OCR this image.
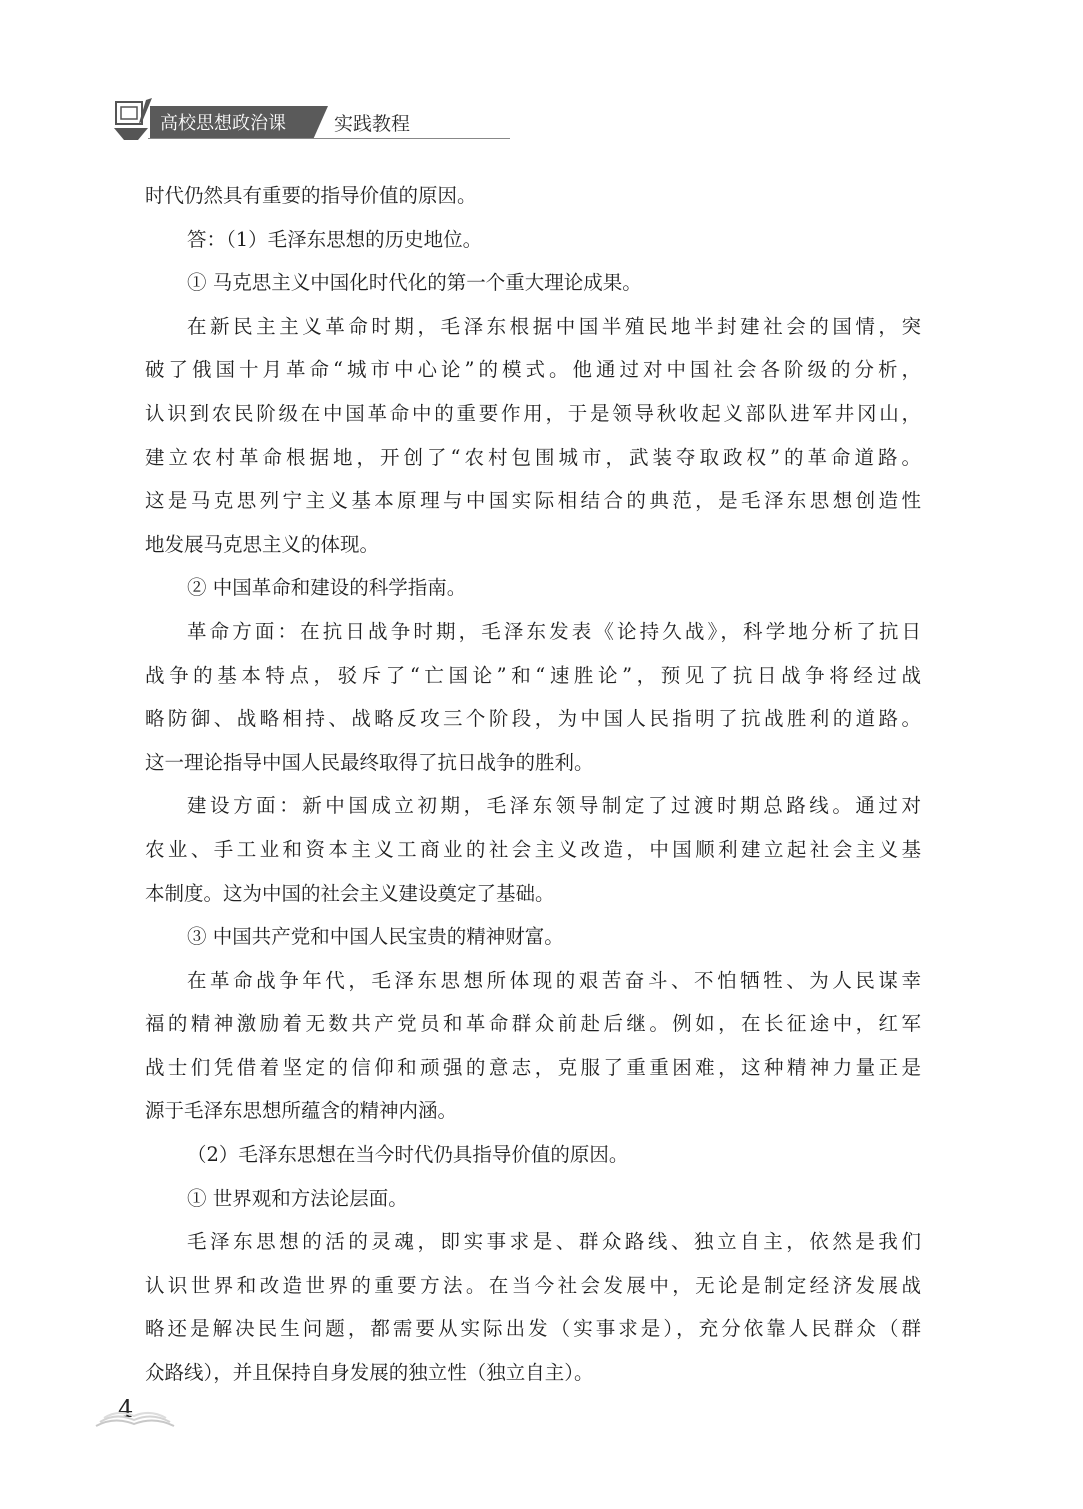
高校思想政治课	实践教程
时代仍然具有重要的指导价值的原因。
答：（1）毛泽东思想的历史地位。
① 马克思主义中国化时代化的第一个重大理论成果。
在新民主主义革命时期，毛泽东根据中国半殖民地半封建社会的国情，突
破了俄国十月革命“城市中心论”的模式。他通过对中国社会各阶级的分析，
认识到农民阶级在中国革命中的重要作用，于是领导秋收起义部队进军井冈山，
建立农村革命根据地，开创了“农村包围城市，武装夺取政权”的革命道路。
这是马克思列宁主义基本原理与中国实际相结合的典范，是毛泽东思想创造性
地发展马克思主义的体现。
② 中国革命和建设的科学指南。
革命方面：在抗日战争时期，毛泽东发表《论持久战》，科学地分析了抗日
战争的基本特点，驳斥了“亡国论”和“速胜论”，预见了抗日战争将经过战
略防御、战略相持、战略反攻三个阶段，为中国人民指明了抗战胜利的道路。
这一理论指导中国人民最终取得了抗日战争的胜利。
建设方面：新中国成立初期，毛泽东领导制定了过渡时期总路线。通过对
农业、手工业和资本主义工商业的社会主义改造，中国顺利建立起社会主义基
本制度。这为中国的社会主义建设奠定了基础。
③ 中国共产党和中国人民宝贵的精神财富。
在革命战争年代，毛泽东思想所体现的艰苦奋斗、不怕牺牲、为人民谋幸
福的精神激励着无数共产党员和革命群众前赴后继。例如，在长征途中，红军
战士们凭借着坚定的信仰和顽强的意志，克服了重重困难，这种精神力量正是
源于毛泽东思想所蕴含的精神内涵。
（2）毛泽东思想在当今时代仍具指导价值的原因。
① 世界观和方法论层面。
毛泽东思想的活的灵魂，即实事求是、群众路线、独立自主，依然是我们
认识世界和改造世界的重要方法。在当今社会发展中，无论是制定经济发展战
略还是解决民生问题，都需要从实际出发（实事求是），充分依靠人民群众（群
众路线），并且保持自身发展的独立性（独立自主）。
4
